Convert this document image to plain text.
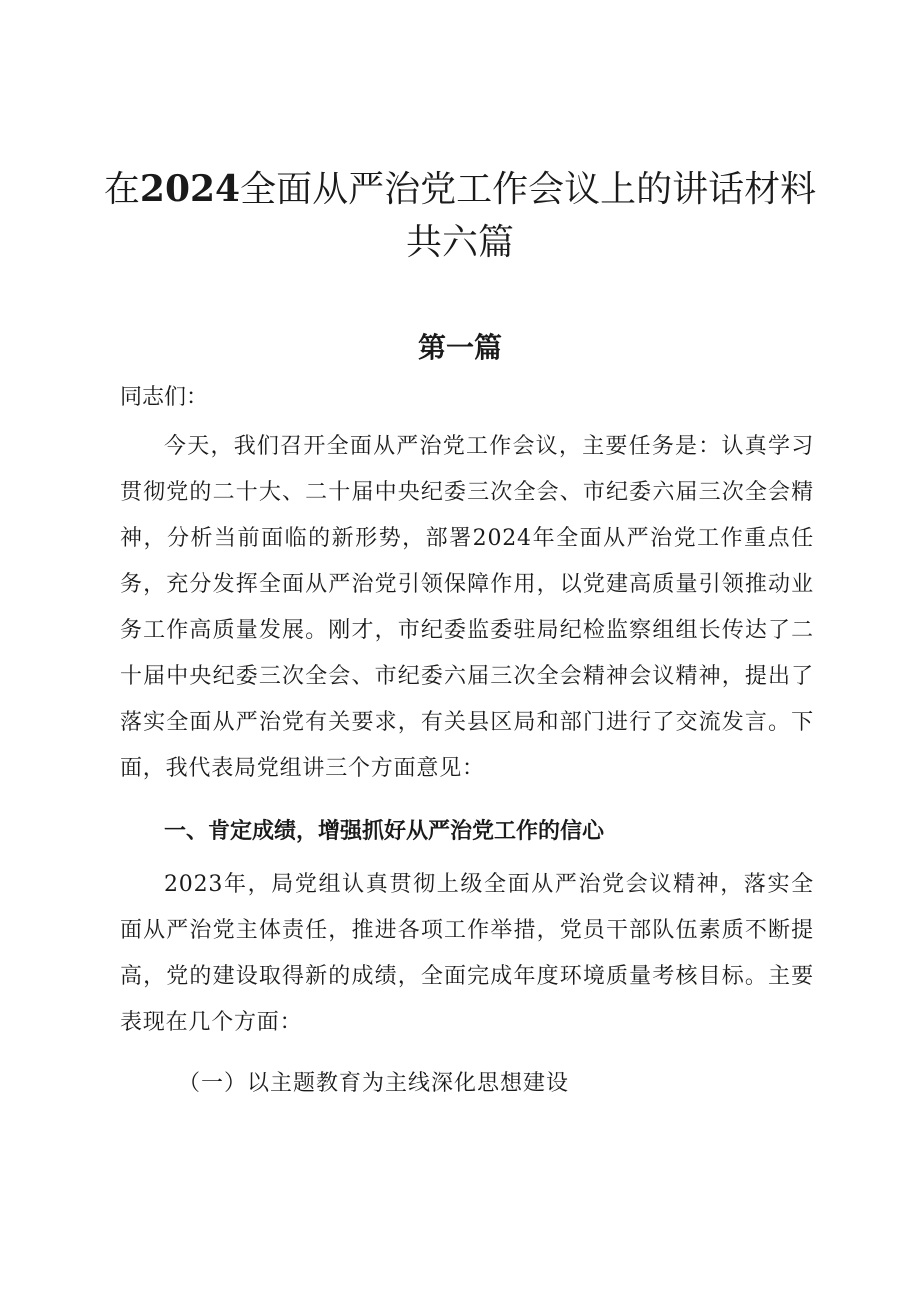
在2024全面从严治党工作会议上的讲话材料
共六篇
第一篇
同志们：

今天，我们召开全面从严治党工作会议，主要任务是：认真学习贯彻党的二十大、二十届中央纪委三次全会、市纪委六届三次全会精神，分析当前面临的新形势，部署2024年全面从严治党工作重点任务，充分发挥全面从严治党引领保障作用，以党建高质量引领推动业务工作高质量发展。刚才，市纪委监委驻局纪检监察组组长传达了二十届中央纪委三次全会、市纪委六届三次全会精神会议精神，提出了落实全面从严治党有关要求，有关县区局和部门进行了交流发言。下面，我代表局党组讲三个方面意见：

一、肯定成绩，增强抓好从严治党工作的信心

2023年，局党组认真贯彻上级全面从严治党会议精神，落实全面从严治党主体责任，推进各项工作举措，党员干部队伍素质不断提高，党的建设取得新的成绩，全面完成年度环境质量考核目标。主要表现在几个方面：

（一）以主题教育为主线深化思想建设
